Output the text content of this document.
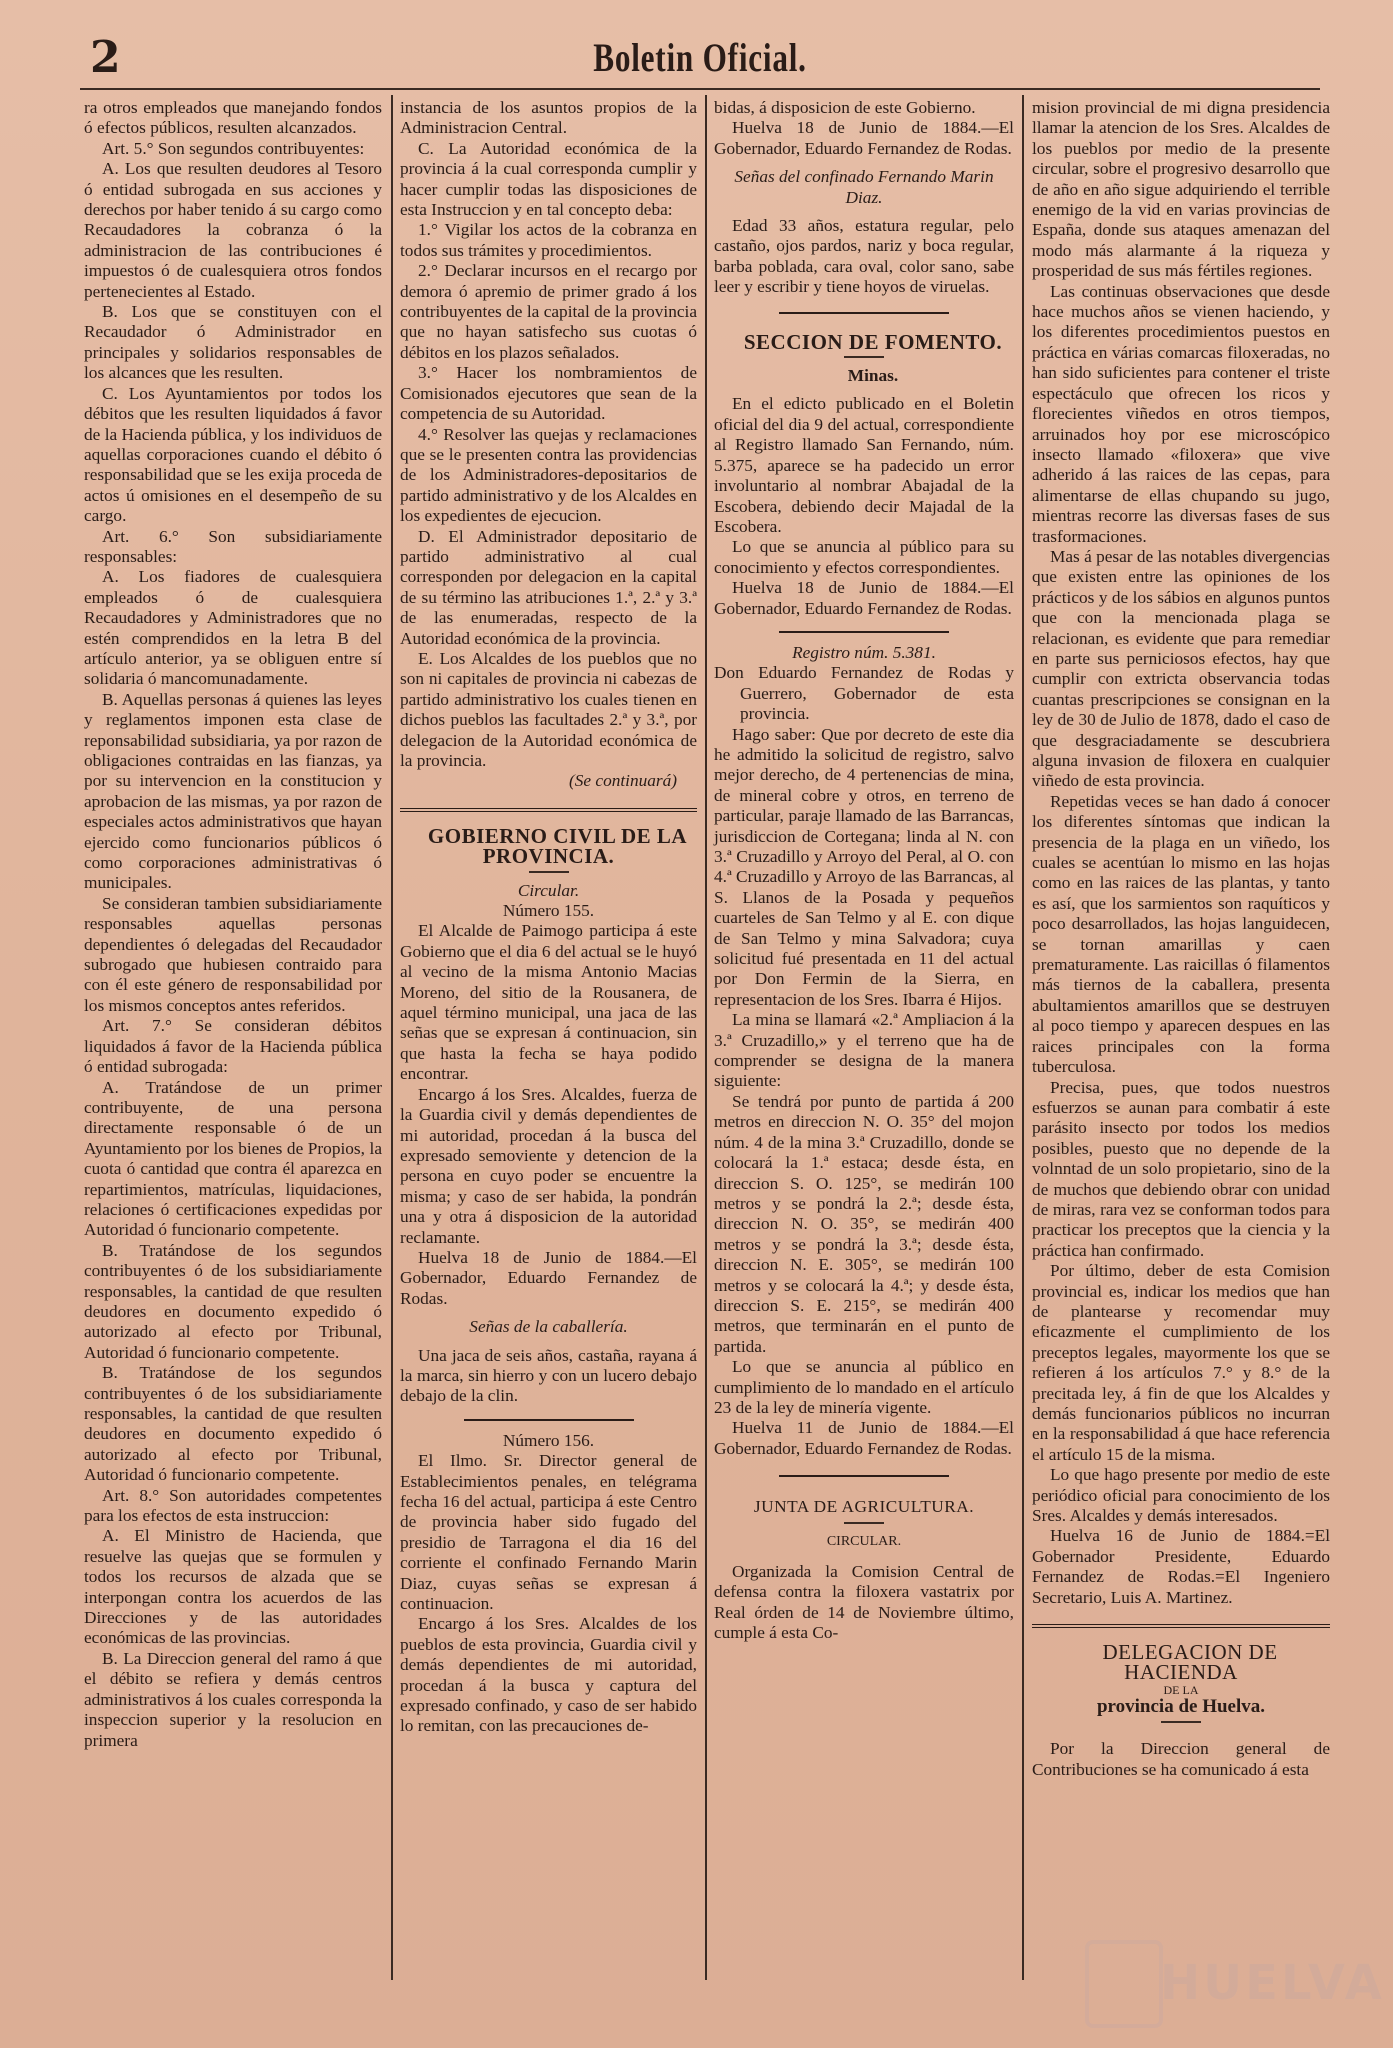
2	Boletin Oficial.

ra otros empleados que manejando fondos ó efectos públicos, resulten alcanzados.

Art. 5.° Son segundos contribuyentes:

A. Los que resulten deudores al Tesoro ó entidad subrogada en sus acciones y derechos por haber tenido á su cargo como Recaudadores la cobranza ó la administracion de las contribuciones é impuestos ó de cualesquiera otros fondos pertenecientes al Estado.

B. Los que se constituyen con el Recaudador ó Administrador en principales y solidarios responsables de los alcances que les resulten.

C. Los Ayuntamientos por todos los débitos que les resulten liquidados á favor de la Hacienda pública, y los individuos de aquellas corporaciones cuando el débito ó responsabilidad que se les exija proceda de actos ú omisiones en el desempeño de su cargo.

Art. 6.° Son subsidiariamente responsables:

A. Los fiadores de cualesquiera empleados ó de cualesquiera Recaudadores y Administradores que no estén comprendidos en la letra B del artículo anterior, ya se obliguen entre sí solidaria ó mancomunadamente.

B. Aquellas personas á quienes las leyes y reglamentos imponen esta clase de reponsabilidad subsidiaria, ya por razon de obligaciones contraidas en las fianzas, ya por su intervencion en la constitucion y aprobacion de las mismas, ya por razon de especiales actos administrativos que hayan ejercido como funcionarios públicos ó como corporaciones administrativas ó municipales.

Se consideran tambien subsidiariamente responsables aquellas personas dependientes ó delegadas del Recaudador subrogado que hubiesen contraido para con él este género de responsabilidad por los mismos conceptos antes referidos.

Art. 7.° Se consideran débitos liquidados á favor de la Hacienda pública ó entidad subrogada:

A. Tratándose de un primer contribuyente, de una persona directamente responsable ó de un Ayuntamiento por los bienes de Propios, la cuota ó cantidad que contra él aparezca en repartimientos, matrículas, liquidaciones, relaciones ó certificaciones expedidas por Autoridad ó funcionario competente.

B. Tratándose de los segundos contribuyentes ó de los subsidiariamente responsables, la cantidad de que resulten deudores en documento expedido ó autorizado al efecto por Tribunal, Autoridad ó funcionario competente.

B. Tratándose de los segundos contribuyentes ó de los subsidiariamente responsables, la cantidad de que resulten deudores en documento expedido ó autorizado al efecto por Tribunal, Autoridad ó funcionario competente.

Art. 8.° Son autoridades competentes para los efectos de esta instruccion:

A. El Ministro de Hacienda, que resuelve las quejas que se formulen y todos los recursos de alzada que se interpongan contra los acuerdos de las Direcciones y de las autoridades económicas de las provincias.

B. La Direccion general del ramo á que el débito se refiera y demás centros administrativos á los cuales corresponda la inspeccion superior y la resolucion en primera

instancia de los asuntos propios de la Administracion Central.

C. La Autoridad económica de la provincia á la cual corresponda cumplir y hacer cumplir todas las disposiciones de esta Instruccion y en tal concepto deba:

1.° Vigilar los actos de la cobranza en todos sus trámites y procedimientos.

2.° Declarar incursos en el recargo por demora ó apremio de primer grado á los contribuyentes de la capital de la provincia que no hayan satisfecho sus cuotas ó débitos en los plazos señalados.

3.° Hacer los nombramientos de Comisionados ejecutores que sean de la competencia de su Autoridad.

4.° Resolver las quejas y reclamaciones que se le presenten contra las providencias de los Administradores-depositarios de partido administrativo y de los Alcaldes en los expedientes de ejecucion.

D. El Administrador depositario de partido administrativo al cual corresponden por delegacion en la capital de su término las atribuciones 1.ª, 2.ª y 3.ª de las enumeradas, respecto de la Autoridad económica de la provincia.

E. Los Alcaldes de los pueblos que no son ni capitales de provincia ni cabezas de partido administrativo los cuales tienen en dichos pueblos las facultades 2.ª y 3.ª, por delegacion de la Autoridad económica de la provincia.

(Se continuará)

GOBIERNO CIVIL DE LA PROVINCIA.

Circular.

Número 155.

El Alcalde de Paimogo participa á este Gobierno que el dia 6 del actual se le huyó al vecino de la misma Antonio Macias Moreno, del sitio de la Rousanera, de aquel término municipal, una jaca de las señas que se expresan á continuacion, sin que hasta la fecha se haya podido encontrar.

Encargo á los Sres. Alcaldes, fuerza de la Guardia civil y demás dependientes de mi autoridad, procedan á la busca del expresado semoviente y detencion de la persona en cuyo poder se encuentre la misma; y caso de ser habida, la pondrán una y otra á disposicion de la autoridad reclamante.

Huelva 18 de Junio de 1884.—El Gobernador, Eduardo Fernandez de Rodas.

Señas de la caballería.

Una jaca de seis años, castaña, rayana á la marca, sin hierro y con un lucero debajo debajo de la clin.

Número 156.

El Ilmo. Sr. Director general de Establecimientos penales, en telégrama fecha 16 del actual, participa á este Centro de provincia haber sido fugado del presidio de Tarragona el dia 16 del corriente el confinado Fernando Marin Diaz, cuyas señas se expresan á continuacion.

Encargo á los Sres. Alcaldes de los pueblos de esta provincia, Guardia civil y demás dependientes de mi autoridad, procedan á la busca y captura del expresado confinado, y caso de ser habido lo remitan, con las precauciones de-

bidas, á disposicion de este Gobierno.

Huelva 18 de Junio de 1884.—El Gobernador, Eduardo Fernandez de Rodas.

Señas del confinado Fernando Marin Diaz.

Edad 33 años, estatura regular, pelo castaño, ojos pardos, nariz y boca regular, barba poblada, cara oval, color sano, sabe leer y escribir y tiene hoyos de viruelas.

SECCION DE FOMENTO.

Minas.

En el edicto publicado en el Boletin oficial del dia 9 del actual, correspondiente al Registro llamado San Fernando, núm. 5.375, aparece se ha padecido un error involuntario al nombrar Abajadal de la Escobera, debiendo decir Majadal de la Escobera.

Lo que se anuncia al público para su conocimiento y efectos correspondientes.

Huelva 18 de Junio de 1884.—El Gobernador, Eduardo Fernandez de Rodas.

Registro núm. 5.381.

Don Eduardo Fernandez de Rodas y Guerrero, Gobernador de esta provincia.

Hago saber: Que por decreto de este dia he admitido la solicitud de registro, salvo mejor derecho, de 4 pertenencias de mina, de mineral cobre y otros, en terreno de particular, paraje llamado de las Barrancas, jurisdiccion de Cortegana; linda al N. con 3.ª Cruzadillo y Arroyo del Peral, al O. con 4.ª Cruzadillo y Arroyo de las Barrancas, al S. Llanos de la Posada y pequeños cuarteles de San Telmo y al E. con dique de San Telmo y mina Salvadora; cuya solicitud fué presentada en 11 del actual por Don Fermin de la Sierra, en representacion de los Sres. Ibarra é Hijos.

La mina se llamará «2.ª Ampliacion á la 3.ª Cruzadillo,» y el terreno que ha de comprender se designa de la manera siguiente:

Se tendrá por punto de partida á 200 metros en direccion N. O. 35° del mojon núm. 4 de la mina 3.ª Cruzadillo, donde se colocará la 1.ª estaca; desde ésta, en direccion S. O. 125°, se medirán 100 metros y se pondrá la 2.ª; desde ésta, direccion N. O. 35°, se medirán 400 metros y se pondrá la 3.ª; desde ésta, direccion N. E. 305°, se medirán 100 metros y se colocará la 4.ª; y desde ésta, direccion S. E. 215°, se medirán 400 metros, que terminarán en el punto de partida.

Lo que se anuncia al público en cumplimiento de lo mandado en el artículo 23 de la ley de minería vigente.

Huelva 11 de Junio de 1884.—El Gobernador, Eduardo Fernandez de Rodas.

JUNTA DE AGRICULTURA.

CIRCULAR.

Organizada la Comision Central de defensa contra la filoxera vastatrix por Real órden de 14 de Noviembre último, cumple á esta Co-

mision provincial de mi digna presidencia llamar la atencion de los Sres. Alcaldes de los pueblos por medio de la presente circular, sobre el progresivo desarrollo que de año en año sigue adquiriendo el terrible enemigo de la vid en varias provincias de España, donde sus ataques amenazan del modo más alarmante á la riqueza y prosperidad de sus más fértiles regiones.

Las continuas observaciones que desde hace muchos años se vienen haciendo, y los diferentes procedimientos puestos en práctica en várias comarcas filoxeradas, no han sido suficientes para contener el triste espectáculo que ofrecen los ricos y florecientes viñedos en otros tiempos, arruinados hoy por ese microscópico insecto llamado «filoxera» que vive adherido á las raices de las cepas, para alimentarse de ellas chupando su jugo, mientras recorre las diversas fases de sus trasformaciones.

Mas á pesar de las notables divergencias que existen entre las opiniones de los prácticos y de los sábios en algunos puntos que con la mencionada plaga se relacionan, es evidente que para remediar en parte sus perniciosos efectos, hay que cumplir con extricta observancia todas cuantas prescripciones se consignan en la ley de 30 de Julio de 1878, dado el caso de que desgraciadamente se descubriera alguna invasion de filoxera en cualquier viñedo de esta provincia.

Repetidas veces se han dado á conocer los diferentes síntomas que indican la presencia de la plaga en un viñedo, los cuales se acentúan lo mismo en las hojas como en las raices de las plantas, y tanto es así, que los sarmientos son raquíticos y poco desarrollados, las hojas languidecen, se tornan amarillas y caen prematuramente. Las raicillas ó filamentos más tiernos de la caballera, presenta abultamientos amarillos que se destruyen al poco tiempo y aparecen despues en las raices principales con la forma tuberculosa.

Precisa, pues, que todos nuestros esfuerzos se aunan para combatir á este parásito insecto por todos los medios posibles, puesto que no depende de la volnntad de un solo propietario, sino de la de muchos que debiendo obrar con unidad de miras, rara vez se conforman todos para practicar los preceptos que la ciencia y la práctica han confirmado.

Por último, deber de esta Comision provincial es, indicar los medios que han de plantearse y recomendar muy eficazmente el cumplimiento de los preceptos legales, mayormente los que se refieren á los artículos 7.° y 8.° de la precitada ley, á fin de que los Alcaldes y demás funcionarios públicos no incurran en la responsabilidad á que hace referencia el artículo 15 de la misma.

Lo que hago presente por medio de este periódico oficial para conocimiento de los Sres. Alcaldes y demás interesados.

Huelva 16 de Junio de 1884.=El Gobernador Presidente, Eduardo Fernandez de Rodas.=El Ingeniero Secretario, Luis A. Martinez.

DELEGACION DE HACIENDA

DE LA

provincia de Huelva.

Por la Direccion general de Contribuciones se ha comunicado á esta

HUELVA
